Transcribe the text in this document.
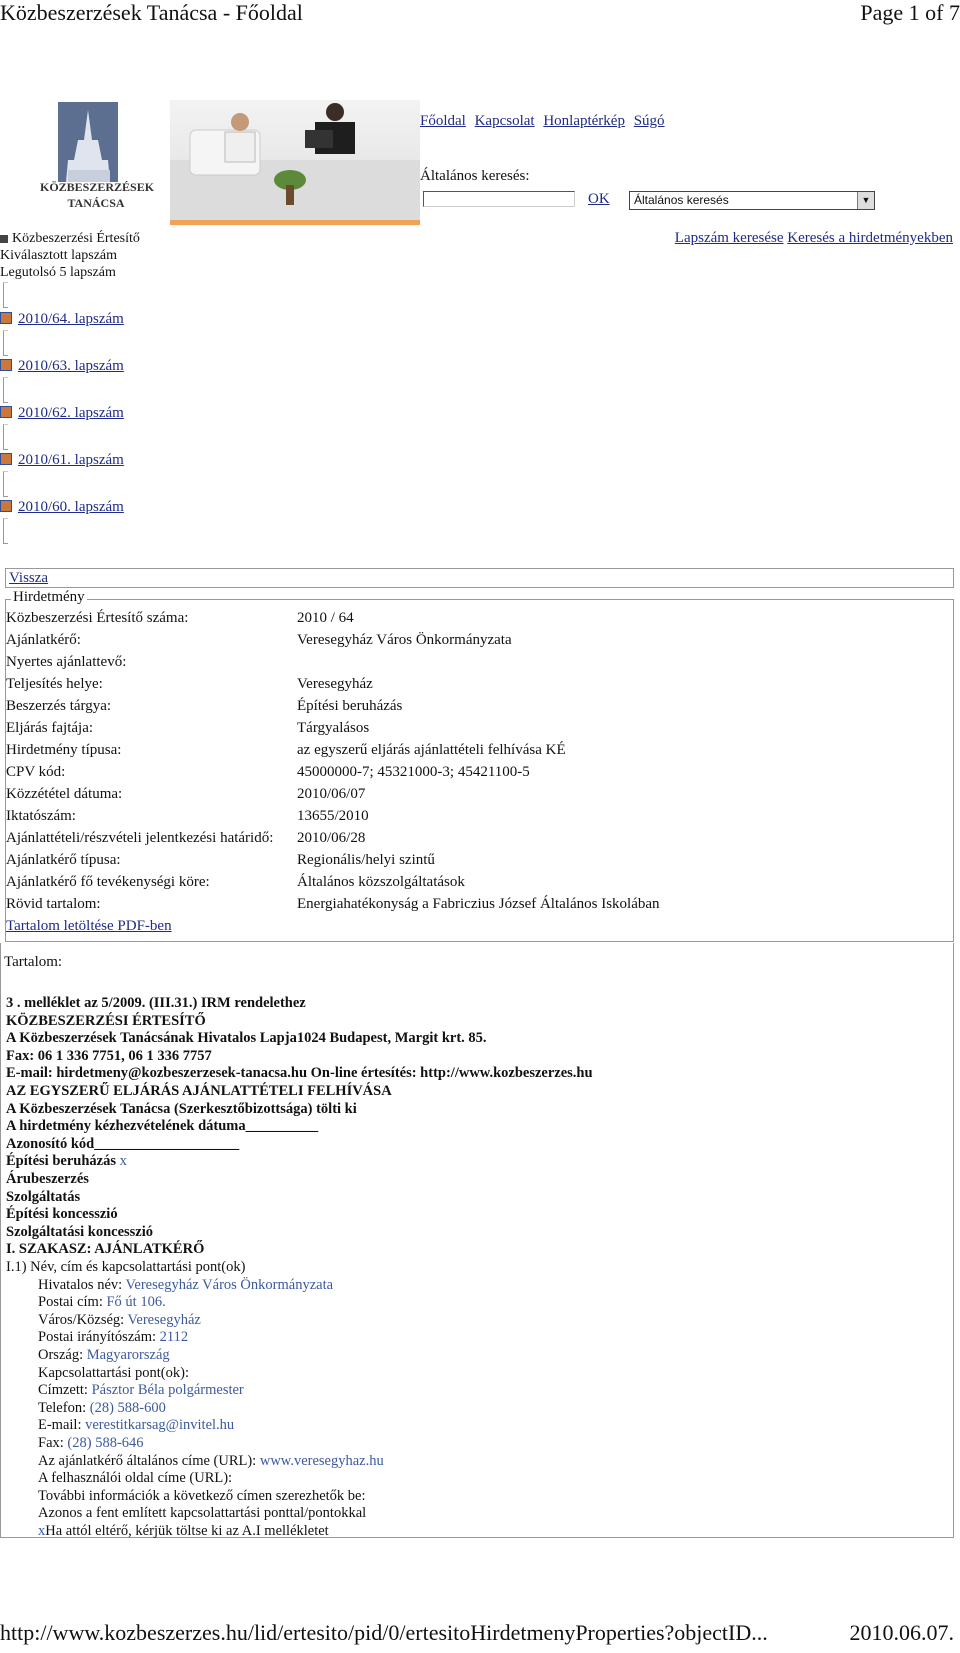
Közbeszerzések Tanácsa - Főoldal	Page 1 of 7
KÖZBESZERZÉSEK
TANÁCSA
Főoldal Kapcsolat Honlaptérkép Súgó
Általános keresés:
OK	Általános keresés	▼
Közbeszerzési Értesítő
Kiválasztott lapszám
Legutolsó 5 lapszám
Lapszám keresése Keresés a hirdetményekben
2010/64. lapszám
2010/63. lapszám
2010/62. lapszám
2010/61. lapszám
2010/60. lapszám
Vissza
Hirdetmény
Közbeszerzési Értesítő száma:	2010 / 64
Ajánlatkérő:	Veresegyház Város Önkormányzata
Nyertes ajánlattevő:
Teljesítés helye:	Veresegyház
Beszerzés tárgya:	Építési beruházás
Eljárás fajtája:	Tárgyalásos
Hirdetmény típusa:	az egyszerű eljárás ajánlattételi felhívása KÉ
CPV kód:	45000000-7; 45321000-3; 45421100-5
Közzététel dátuma:	2010/06/07
Iktatószám:	13655/2010
Ajánlattételi/részvételi jelentkezési határidő: 2010/06/28
Ajánlatkérő típusa:	Regionális/helyi szintű
Ajánlatkérő fő tevékenységi köre:	Általános közszolgáltatások
Rövid tartalom:	Energiahatékonyság a Fabriczius József Általános Iskolában
Tartalom letöltése PDF-ben
Tartalom:
3 . melléklet az 5/2009. (III.31.) IRM rendelethez
KÖZBESZERZÉSI ÉRTESÍTŐ
A Közbeszerzések Tanácsának Hivatalos Lapja1024 Budapest, Margit krt. 85.
Fax: 06 1 336 7751, 06 1 336 7757
E-mail: hirdetmeny@kozbeszerzesek-tanacsa.hu On-line értesítés: http://www.kozbeszerzes.hu
AZ EGYSZERŰ ELJÁRÁS AJÁNLATTÉTELI FELHÍVÁSA
A Közbeszerzések Tanácsa (Szerkesztőbizottsága) tölti ki
A hirdetmény kézhezvételének dátuma__________
Azonosító kód____________________
Építési beruházás x
Árubeszerzés
Szolgáltatás
Építési koncesszió
Szolgáltatási koncesszió
I. SZAKASZ: AJÁNLATKÉRŐ
I.1) Név, cím és kapcsolattartási pont(ok)
Hivatalos név: Veresegyház Város Önkormányzata
Postai cím: Fő út 106.
Város/Község: Veresegyház
Postai irányítószám: 2112
Ország: Magyarország
Kapcsolattartási pont(ok):
Címzett: Pásztor Béla polgármester
Telefon: (28) 588-600
E-mail: verestitkarsag@invitel.hu
Fax: (28) 588-646
Az ajánlatkérő általános címe (URL): www.veresegyhaz.hu
A felhasználói oldal címe (URL):
További információk a következő címen szerezhetők be:
Azonos a fent említett kapcsolattartási ponttal/pontokkal
xHa attól eltérő, kérjük töltse ki az A.I mellékletet
http://www.kozbeszerzes.hu/lid/ertesito/pid/0/ertesitoHirdetmenyProperties?objectID...	2010.06.07.
